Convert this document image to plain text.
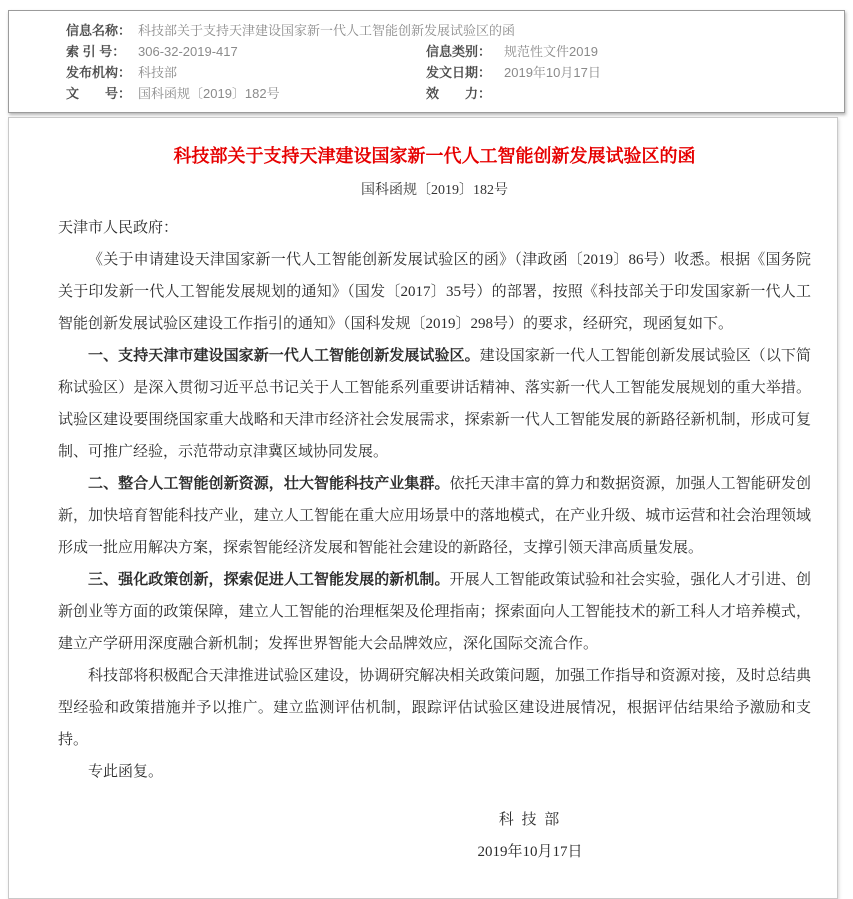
信息名称： 科技部关于支持天津建设国家新一代人工智能创新发展试验区的函
索 引 号： 306-32-2019-417	信息类别： 规范性文件2019
发布机构： 科技部	发文日期： 2019年10月17日
文　　号： 国科函规〔2019〕182号	效　　力：
科技部关于支持天津建设国家新一代人工智能创新发展试验区的函
国科函规〔2019〕182号
天津市人民政府：

《关于申请建设天津国家新一代人工智能创新发展试验区的函》（津政函〔2019〕86号）收悉。根据《国务院关于印发新一代人工智能发展规划的通知》（国发〔2017〕35号）的部署，按照《科技部关于印发国家新一代人工智能创新发展试验区建设工作指引的通知》（国科发规〔2019〕298号）的要求，经研究，现函复如下。

一、支持天津市建设国家新一代人工智能创新发展试验区。建设国家新一代人工智能创新发展试验区（以下简称试验区）是深入贯彻习近平总书记关于人工智能系列重要讲话精神、落实新一代人工智能发展规划的重大举措。试验区建设要围绕国家重大战略和天津市经济社会发展需求，探索新一代人工智能发展的新路径新机制，形成可复制、可推广经验，示范带动京津冀区域协同发展。

二、整合人工智能创新资源，壮大智能科技产业集群。依托天津丰富的算力和数据资源，加强人工智能研发创新，加快培育智能科技产业，建立人工智能在重大应用场景中的落地模式，在产业升级、城市运营和社会治理领域形成一批应用解决方案，探索智能经济发展和智能社会建设的新路径，支撑引领天津高质量发展。

三、强化政策创新，探索促进人工智能发展的新机制。开展人工智能政策试验和社会实验，强化人才引进、创新创业等方面的政策保障，建立人工智能的治理框架及伦理指南；探索面向人工智能技术的新工科人才培养模式，建立产学研用深度融合新机制；发挥世界智能大会品牌效应，深化国际交流合作。

科技部将积极配合天津推进试验区建设，协调研究解决相关政策问题，加强工作指导和资源对接，及时总结典型经验和政策措施并予以推广。建立监测评估机制，跟踪评估试验区建设进展情况，根据评估结果给予激励和支持。

专此函复。

科 技 部
2019年10月17日
